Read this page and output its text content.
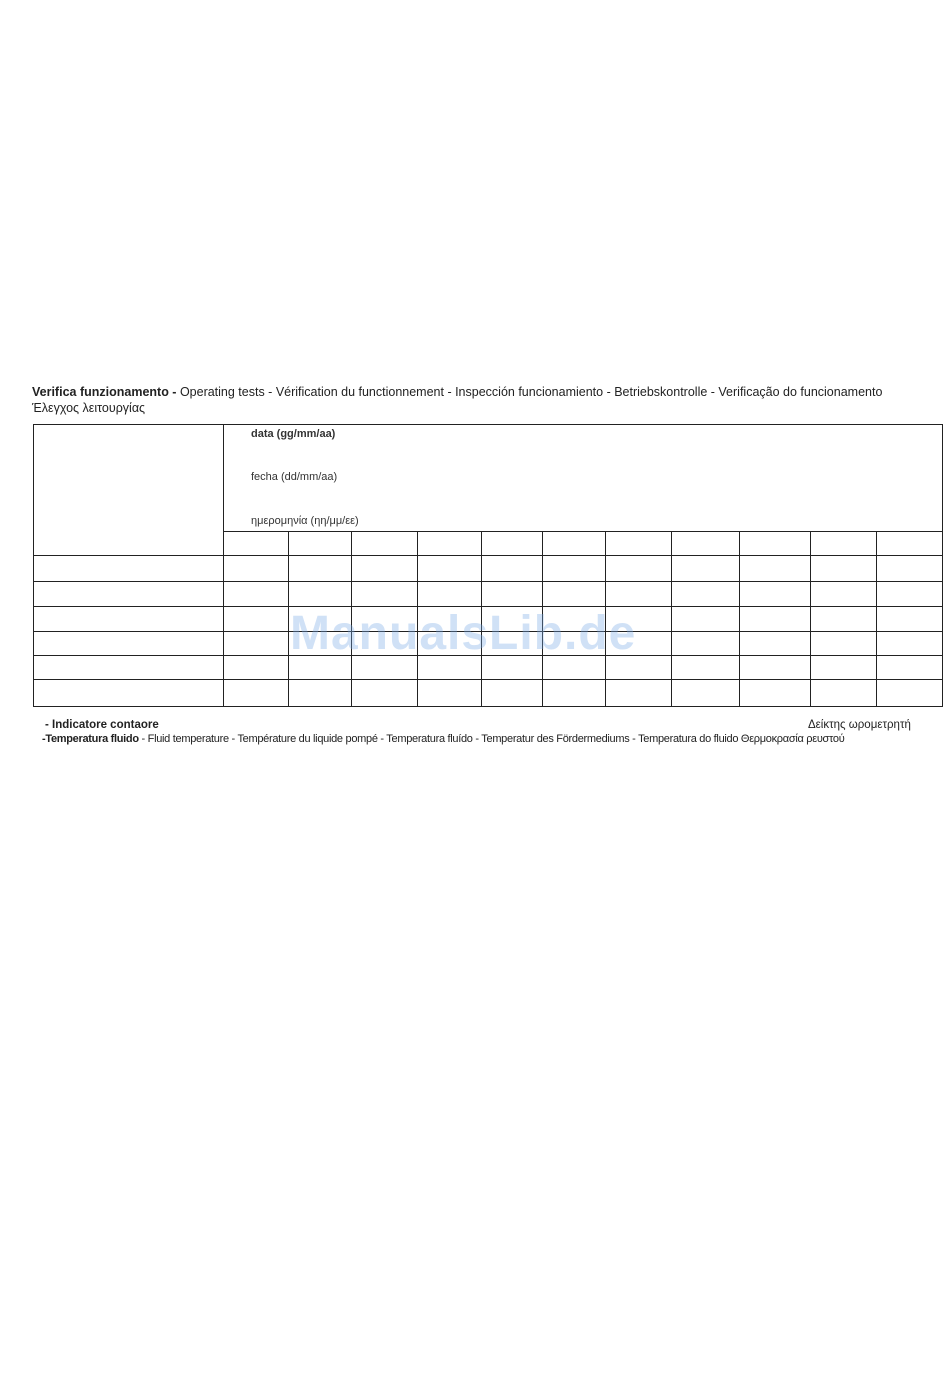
Verifica funzionamento - Operating tests - Vérification du functionnement - Inspección funcionamiento - Betriebskontrolle - Verificação do funcionamento
Έλεγχος λειτουργίας

	data (gg/mm/aa)
fecha (dd/mm/aa)
ημερομηνία (ηη/μμ/εε)										

ManualsLib.de
- Indicatore contaore	Δείκτης ωρομετρητή
-Temperatura fluido - Fluid temperature - Température du liquide pompé - Temperatura fluído - Temperatur des Fördermediums - Temperatura do fluido Θερμοκρασία ρευστού
